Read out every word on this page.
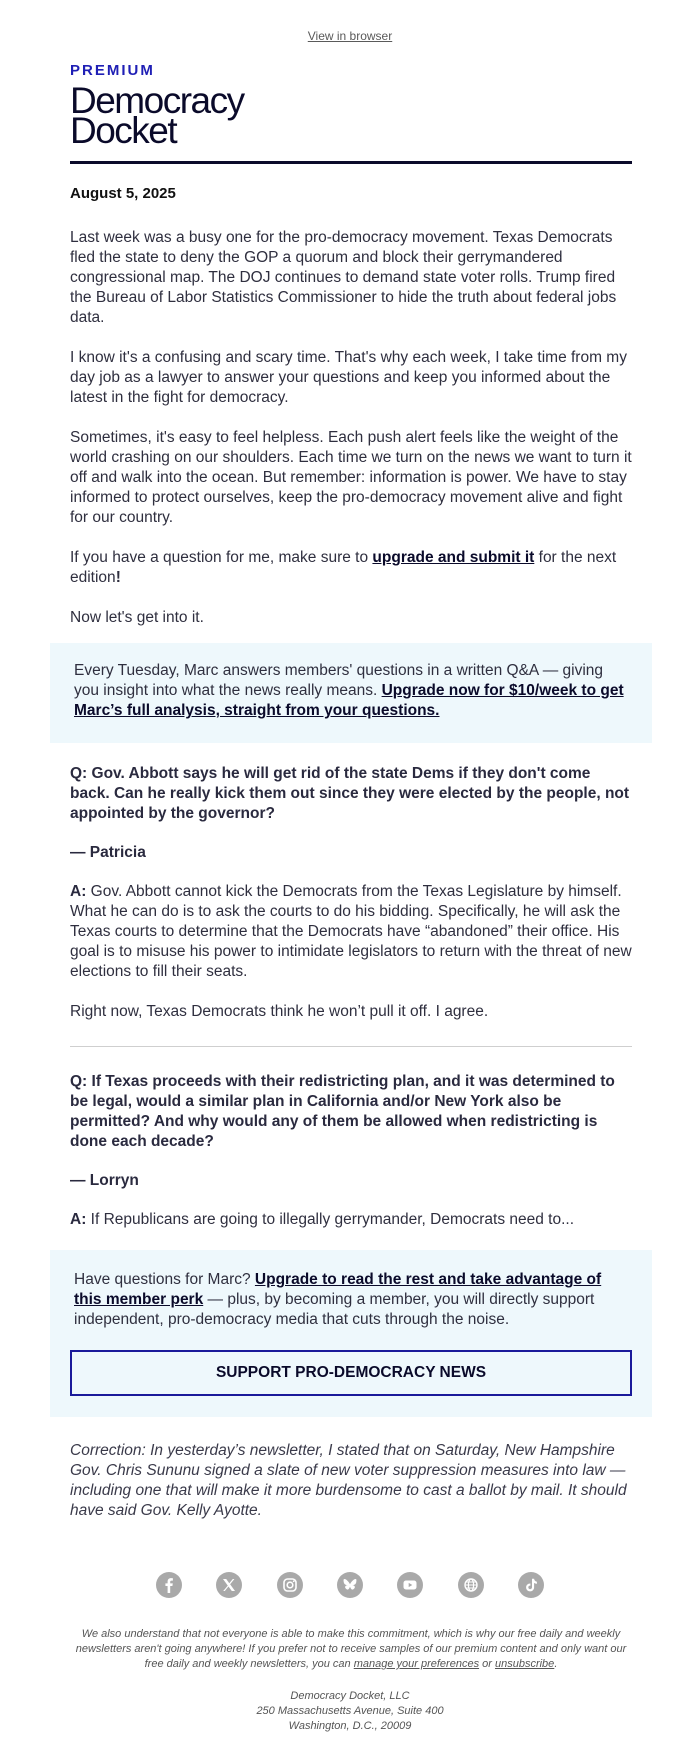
View in browser
PREMIUM
Democracy
Docket

August 5, 2025

Last week was a busy one for the pro-democracy movement. Texas Democrats fled the state to deny the GOP a quorum and block their gerrymandered congressional map. The DOJ continues to demand state voter rolls. Trump fired the Bureau of Labor Statistics Commissioner to hide the truth about federal jobs data.

I know it's a confusing and scary time. That's why each week, I take time from my day job as a lawyer to answer your questions and keep you informed about the latest in the fight for democracy.

Sometimes, it's easy to feel helpless. Each push alert feels like the weight of the world crashing on our shoulders. Each time we turn on the news we want to turn it off and walk into the ocean. But remember: information is power. We have to stay informed to protect ourselves, keep the pro-democracy movement alive and fight for our country.

If you have a question for me, make sure to upgrade and submit it for the next edition!

Now let's get into it.

Every Tuesday, Marc answers members' questions in a written Q&A — giving you insight into what the news really means. Upgrade now for $10/week to get Marc’s full analysis, straight from your questions.

Q: Gov. Abbott says he will get rid of the state Dems if they don't come back. Can he really kick them out since they were elected by the people, not appointed by the governor?

— Patricia

A: Gov. Abbott cannot kick the Democrats from the Texas Legislature by himself. What he can do is to ask the courts to do his bidding. Specifically, he will ask the Texas courts to determine that the Democrats have “abandoned” their office. His goal is to misuse his power to intimidate legislators to return with the threat of new elections to fill their seats.

Right now, Texas Democrats think he won’t pull it off. I agree.

Q: If Texas proceeds with their redistricting plan, and it was determined to be legal, would a similar plan in California and/or New York also be permitted? And why would any of them be allowed when redistricting is done each decade?

— Lorryn

A: If Republicans are going to illegally gerrymander, Democrats need to...

Have questions for Marc? Upgrade to read the rest and take advantage of this member perk — plus, by becoming a member, you will directly support independent, pro-democracy media that cuts through the noise.
SUPPORT PRO-DEMOCRACY NEWS
Correction: In yesterday’s newsletter, I stated that on Saturday, New Hampshire Gov. Chris Sununu signed a slate of new voter suppression measures into law — including one that will make it more burdensome to cast a ballot by mail. It should have said Gov. Kelly Ayotte.

We also understand that not everyone is able to make this commitment, which is why our free daily and weekly newsletters aren't going anywhere! If you prefer not to receive samples of our premium content and only want our free daily and weekly newsletters, you can manage your preferences or unsubscribe.
Democracy Docket, LLC
250 Massachusetts Avenue, Suite 400
Washington, D.C., 20009
